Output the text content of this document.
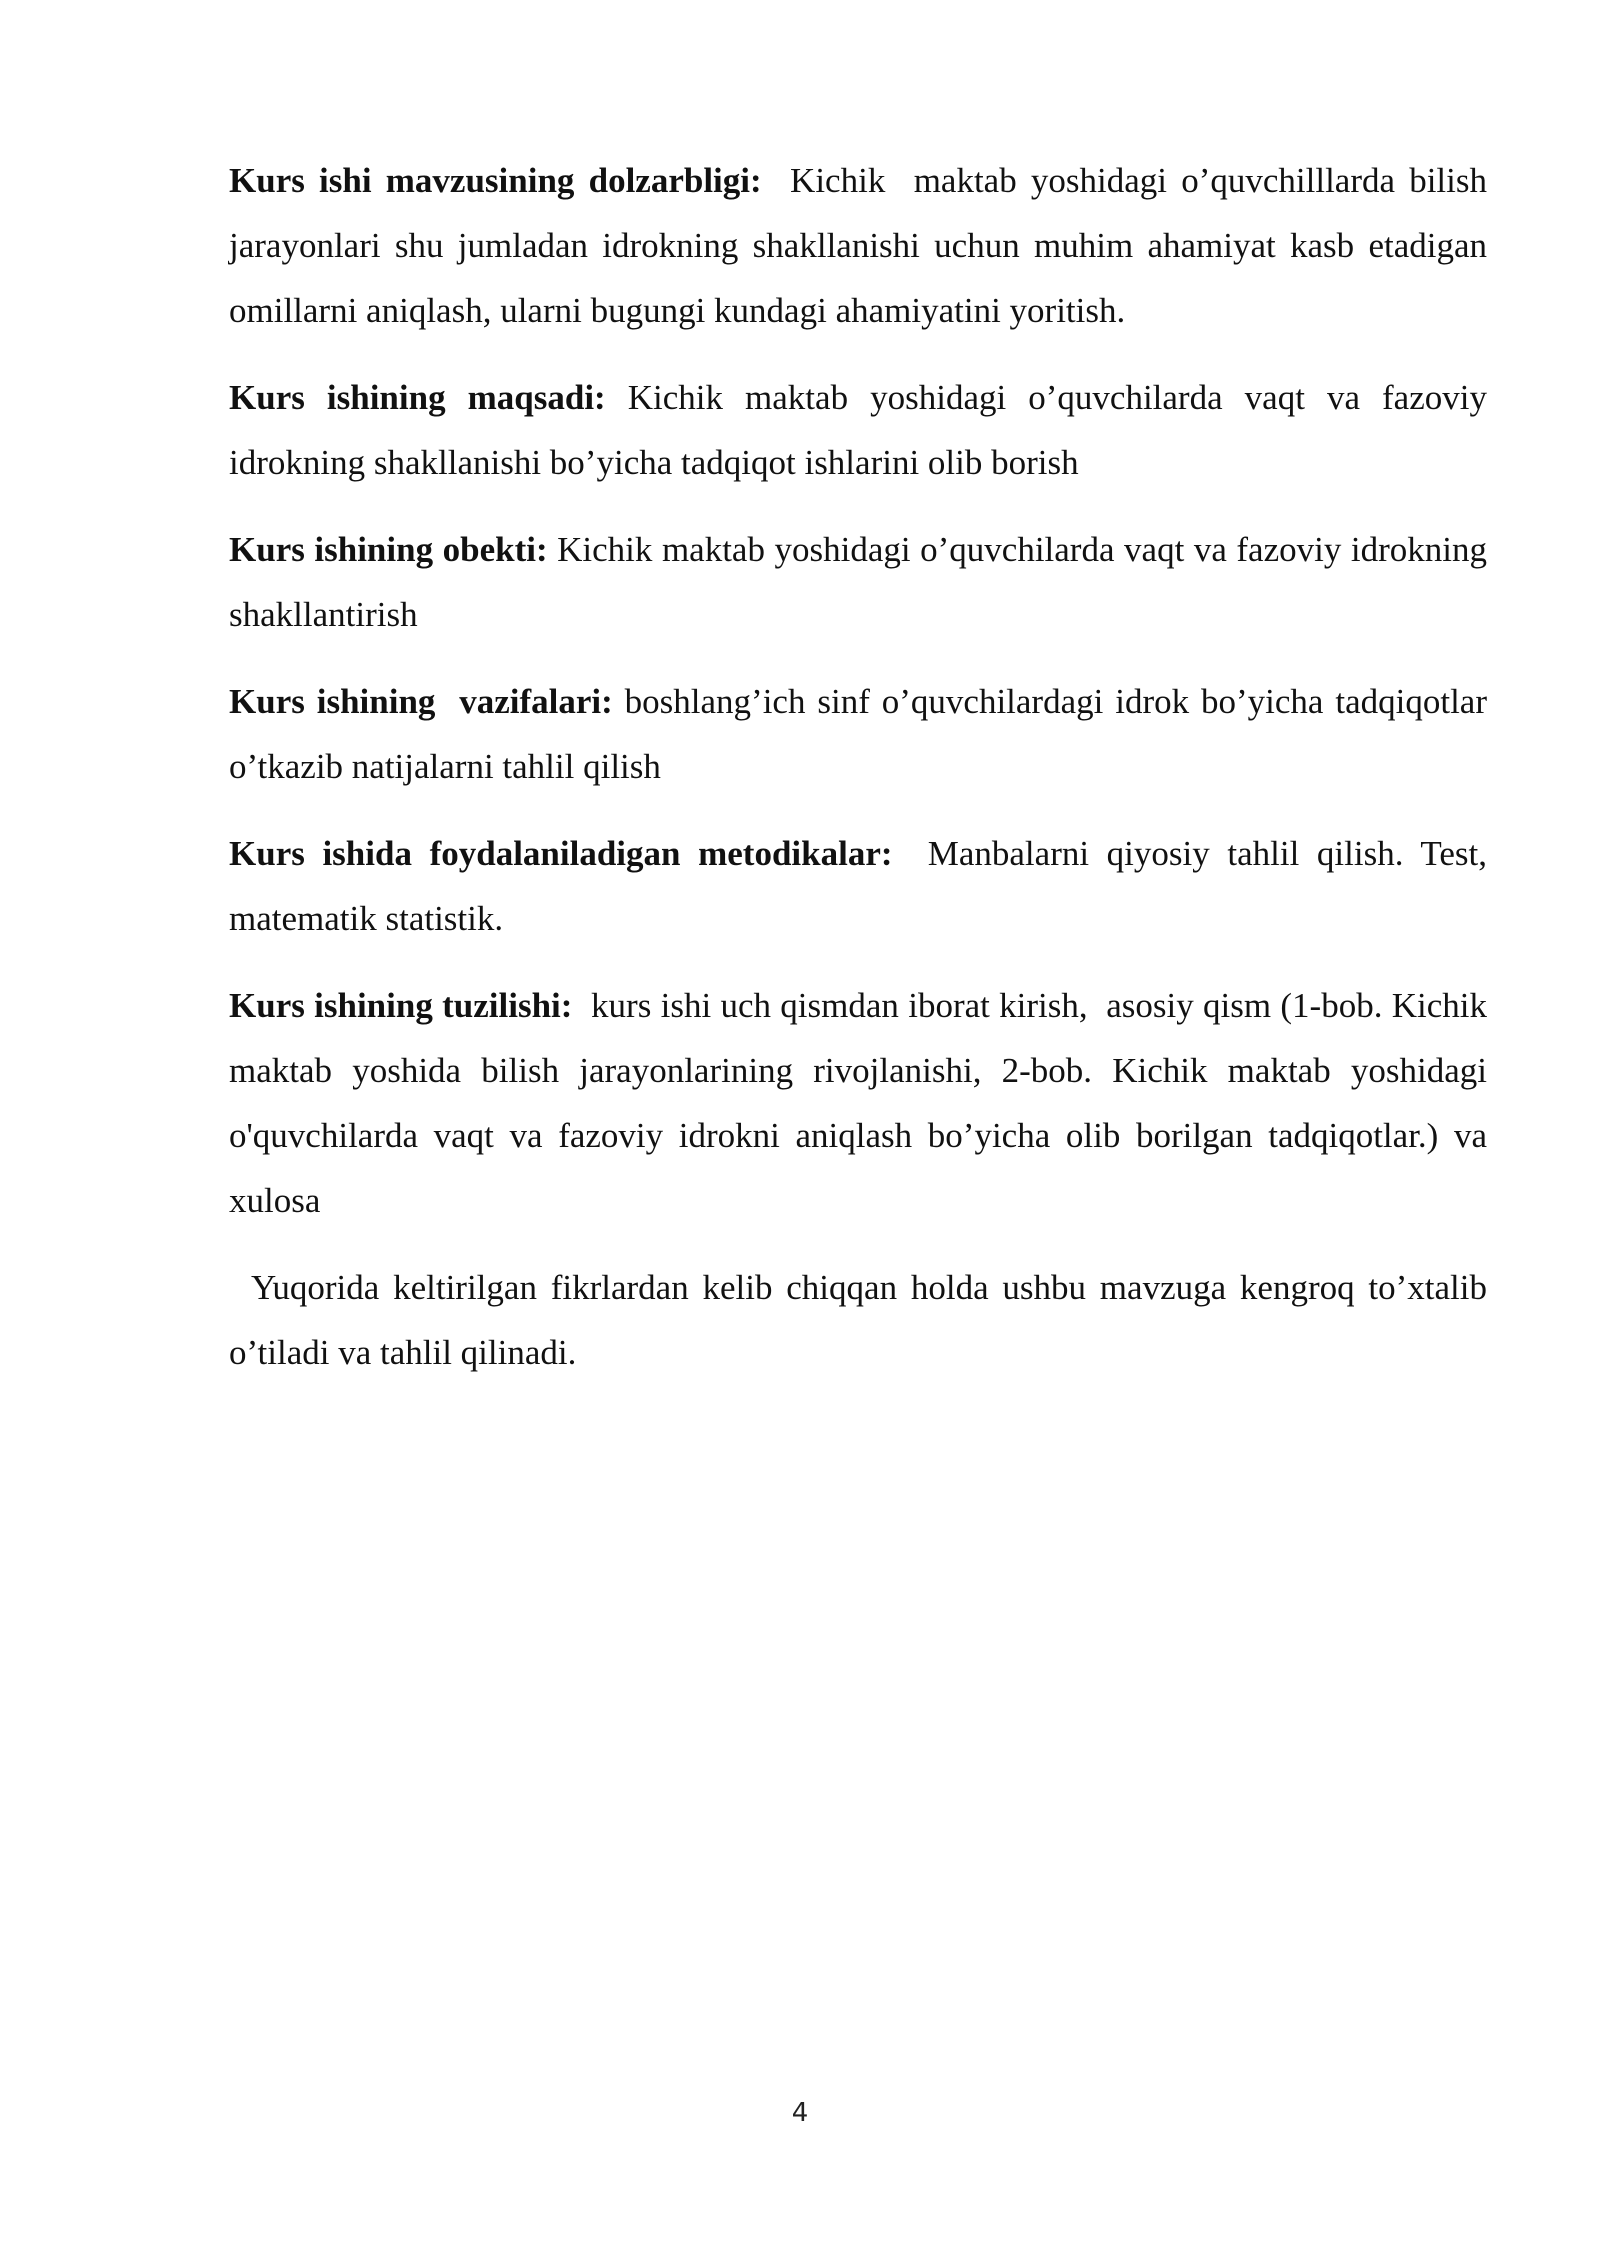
Kurs ishi mavzusining dolzarbligi:  Kichik  maktab yoshidagi o’quvchilllarda bilish jarayonlari shu jumladan idrokning shakllanishi uchun muhim ahamiyat kasb etadigan omillarni aniqlash, ularni bugungi kundagi ahamiyatini yoritish.

Kurs ishining maqsadi: Kichik maktab yoshidagi o’quvchilarda vaqt va fazoviy idrokning shakllanishi bo’yicha tadqiqot ishlarini olib borish

Kurs ishining obekti: Kichik maktab yoshidagi o’quvchilarda vaqt va fazoviy idrokning shakllantirish

Kurs ishining  vazifalari: boshlang’ich sinf o’quvchilardagi idrok bo’yicha tadqiqotlar o’tkazib natijalarni tahlil qilish

Kurs ishida foydalaniladigan metodikalar:  Manbalarni qiyosiy tahlil qilish. Test, matematik statistik.

Kurs ishining tuzilishi:  kurs ishi uch qismdan iborat kirish,  asosiy qism (1-bob. Kichik maktab yoshida bilish jarayonlarining rivojlanishi, 2-bob. Kichik maktab yoshidagi o'quvchilarda vaqt va fazoviy idrokni aniqlash bo’yicha olib borilgan tadqiqotlar.) va xulosa

Yuqorida keltirilgan fikrlardan kelib chiqqan holda ushbu mavzuga kengroq to’xtalib o’tiladi va tahlil qilinadi.

4
